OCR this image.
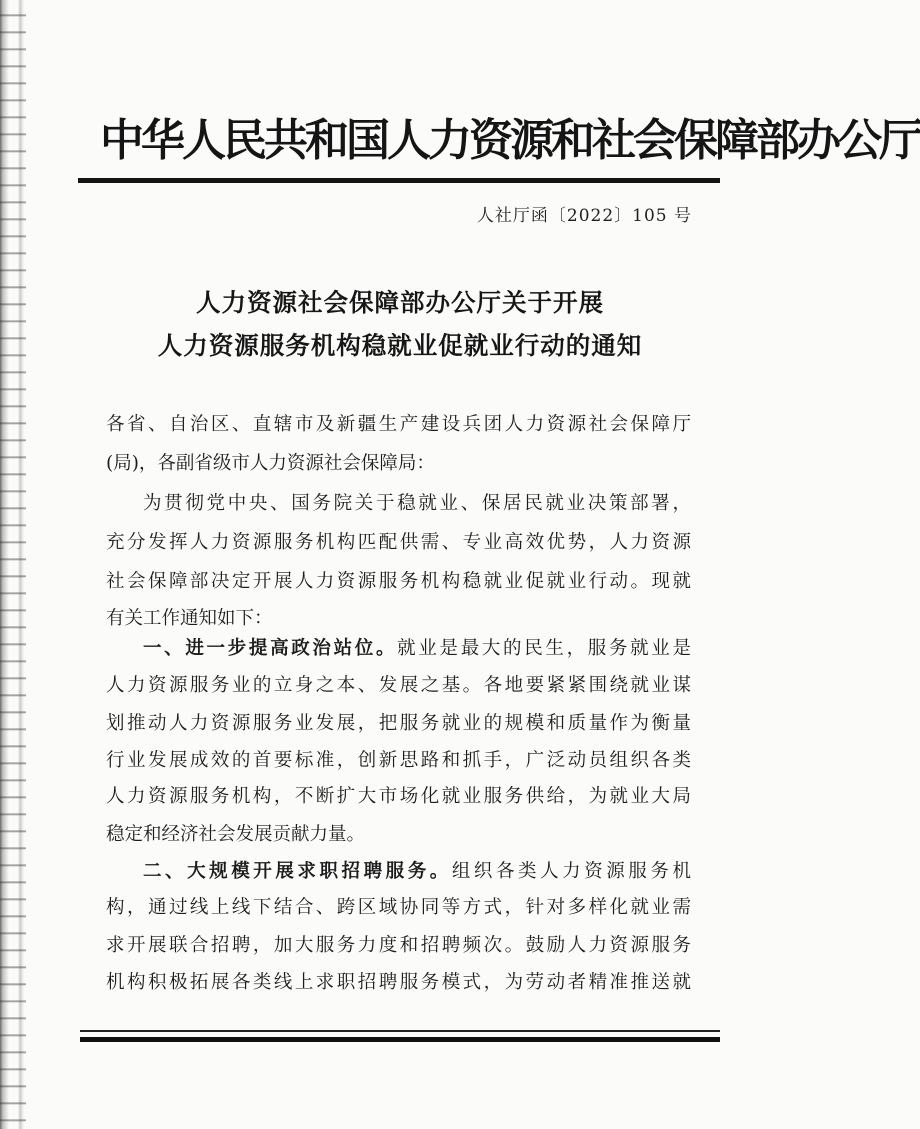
中华人民共和国人力资源和社会保障部办公厅
人社厅函〔2022〕105 号
人力资源社会保障部办公厅关于开展
人力资源服务机构稳就业促就业行动的通知
各省、自治区、直辖市及新疆生产建设兵团人力资源社会保障厅
(局)，各副省级市人力资源社会保障局：
为贯彻党中央、国务院关于稳就业、保居民就业决策部署，
充分发挥人力资源服务机构匹配供需、专业高效优势，人力资源
社会保障部决定开展人力资源服务机构稳就业促就业行动。现就
有关工作通知如下：
一、进一步提高政治站位。就业是最大的民生，服务就业是
人力资源服务业的立身之本、发展之基。各地要紧紧围绕就业谋
划推动人力资源服务业发展，把服务就业的规模和质量作为衡量
行业发展成效的首要标准，创新思路和抓手，广泛动员组织各类
人力资源服务机构，不断扩大市场化就业服务供给，为就业大局
稳定和经济社会发展贡献力量。
二、大规模开展求职招聘服务。组织各类人力资源服务机
构，通过线上线下结合、跨区域协同等方式，针对多样化就业需
求开展联合招聘，加大服务力度和招聘频次。鼓励人力资源服务
机构积极拓展各类线上求职招聘服务模式，为劳动者精准推送就
